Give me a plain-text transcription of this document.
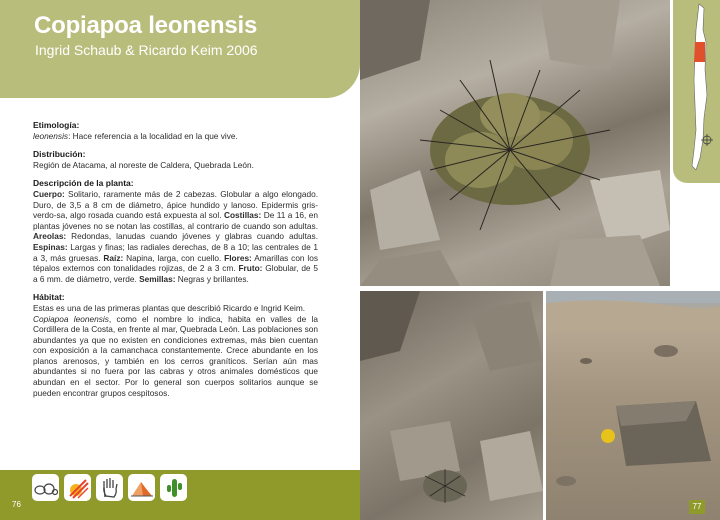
Copiapoa leonensis
Ingrid Schaub & Ricardo Keim 2006
Etimología:

leonensis: Hace referencia a la localidad en la que vive.

Distribución:

Región de Atacama, al noreste de Caldera, Quebrada León.

Descripción de la planta:

Cuerpo: Solitario, raramente más de 2 cabezas. Globular a algo elongado. Duro, de 3,5 a 8 cm de diámetro, ápice hundido y lanoso. Epidermis gris-verdo-sa, algo rosada cuando está expuesta al sol. Costillas: De 11 a 16, en plantas jóvenes no se notan las costillas, al contrario de cuando son adultas. Areolas: Redondas, lanudas cuando jóvenes y glabras cuando adultas. Espinas: Largas y finas; las radiales derechas, de 8 a 10; las centrales de 1 a 3, más gruesas. Raíz: Napina, larga, con cuello. Flores: Amarillas con los tépalos externos con tonalidades rojizas, de 2 a 3 cm. Fruto: Globular, de 5 a 6 mm. de diámetro, verde. Semillas: Negras y brillantes.

Hábitat:

Estas es una de las primeras plantas que describió Ricardo e Ingrid Keim.
Copiapoa leonensis, como el nombre lo indica, habita en valles de la Cordillera de la Costa, en frente al mar, Quebrada León. Las poblaciones son abundantes ya que no existen en condiciones extremas, más bien cuentan con exposición a la camanchaca constantemente. Crece abundante en los planos arenosos, y también en los cerros graníticos. Serían aún mas abundantes si no fuera por las cabras y otros animales domésticos que abundan en el sector. Por lo general son cuerpos solitarios aunque se pueden encontrar grupos cespitosos.

76	77
